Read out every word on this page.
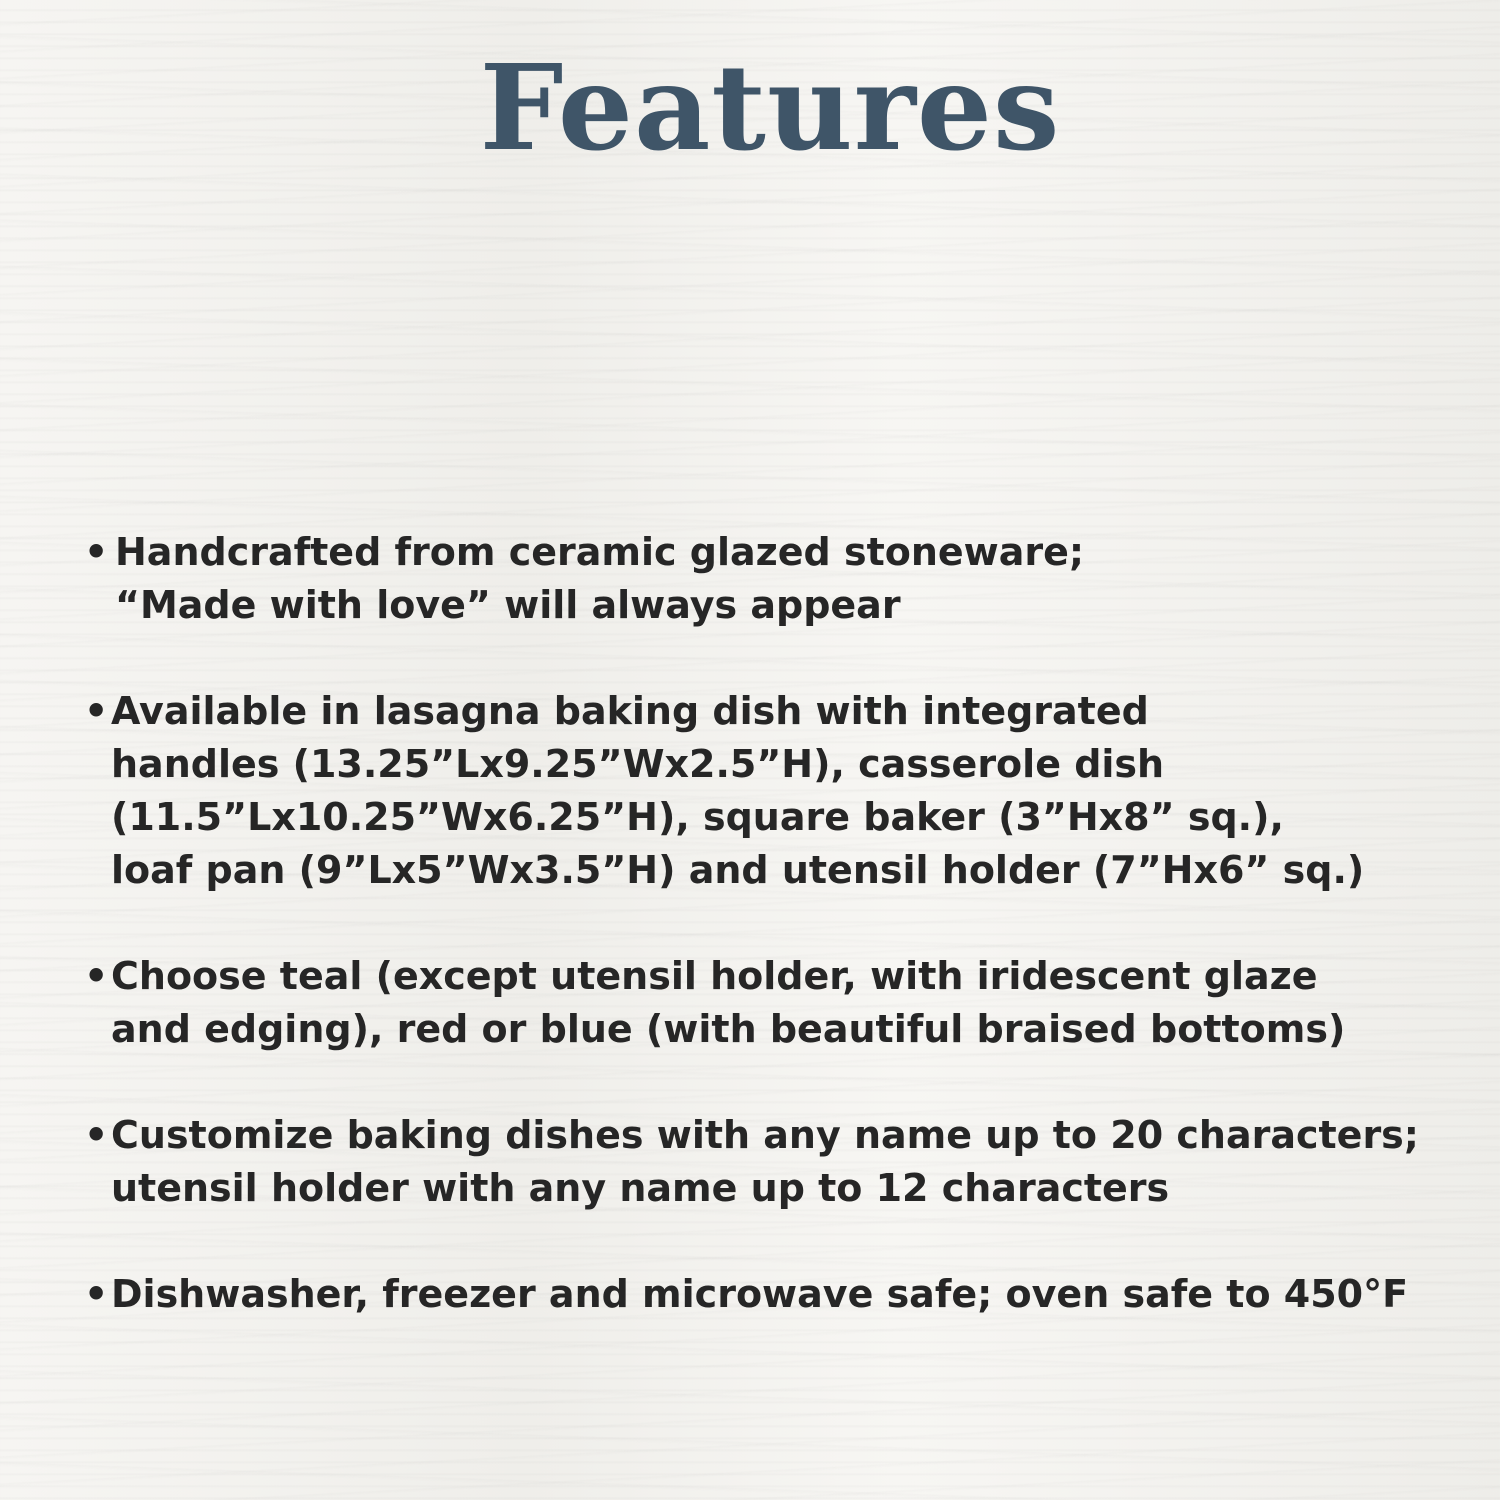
Features
• Handcrafted from ceramic glazed stoneware;
“Made with love” will always appear
• Available in lasagna baking dish with integrated
handles (13.25”Lx9.25”Wx2.5”H), casserole dish
(11.5”Lx10.25”Wx6.25”H), square baker (3”Hx8” sq.),
loaf pan (9”Lx5”Wx3.5”H) and utensil holder (7”Hx6” sq.)
• Choose teal (except utensil holder, with iridescent glaze
and edging), red or blue (with beautiful braised bottoms)
• Customize baking dishes with any name up to 20 characters;
utensil holder with any name up to 12 characters
• Dishwasher, freezer and microwave safe; oven safe to 450°F
